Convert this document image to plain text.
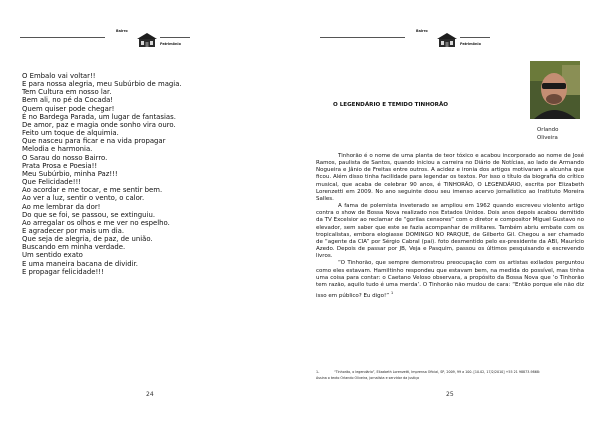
Bairro
Patrimônio
O Embalo vai voltar!!
E para nossa alegria, meu Subúrbio de magia.
Tem Cultura em nosso lar.
Bem ali, no pé da Cocada!
Quem quiser pode chegar!
É no Bardega Parada, um lugar de fantasias.
De amor, paz e magia onde sonho vira ouro.
Feito um toque de alquimia.
Que nasceu para ficar e na vida propagar
Melodia e harmonia.
O Sarau do nosso Bairro.
Prata Prosa e Poesia!!
Meu Subúrbio, minha Paz!!!
Que Felicidade!!!
Ao acordar e me tocar, e me sentir bem.
Ao ver a luz, sentir o vento, o calor.
Ao me lembrar da dor!
Do que se foi, se passou, se extinguiu.
Ao arregalar os olhos e me ver no espelho.
E agradecer por mais um dia.
Que seja de alegria, de paz, de união.
Buscando em minha verdade.
Um sentido exato
E uma maneira bacana de dividir.
E propagar felicidade!!!
24
Bairro
Patrimônio
O LEGENDÁRIO E TEMIDO TINHORÃO
Orlando
Oliveira

Tinhorão é o nome de uma planta de teor tóxico e acabou incorporado ao nome de José Ramos, paulista de Santos, quando iniciou a carreira no Diário de Notícias, ao lado de Armando Nogueira e Jânio de Freitas entre outros. A acidez e ironia dos artigos motivaram a alcunha que ficou. Além disso tinha facilidade para legendar os textos. Por isso o título da biografia do crítico musical, que acaba de celebrar 90 anos, é TINHORÃO, O LEGENDÁRIO, escrita por Elizabeth Lorenzetti em 2009. No ano seguinte doou seu imenso acervo jornalístico ao Instituto Moreira Salles.

A fama de polemista inveterado se ampliou em 1962 quando escreveu violento artigo contra o show de Bossa Nova realizado nos Estados Unidos. Dois anos depois acabou demitido da TV Excelsior ao reclamar de “gorilas censores” com o diretor e compositor Miguel Gustavo no elevador, sem saber que este se fazia acompanhar de militares. Também abriu embate com os tropicalistas, embora elogiasse DOMINGO NO PARQUE, de Gilberto Gil. Chegou a ser chamado de “agente da CIA” por Sérgio Cabral (pai). foto desmentido pelo ex-presidente da ABI, Maurício Azedo. Depois de passar por JB, Veja e Pasquim, passou os últimos pesquisando e escrevendo livros.

“O Tinhorão, que sempre demonstrou preocupação com os artistas exilados perguntou como eles estavam. Hamiltinho respondeu que estavam bem, na medida do possível, mas tinha uma coisa para contar: o Caetano Veloso observara, a propósito da Bossa Nova que ‘o Tinhorão tem razão, aquilo tudo é uma merda’. O Tinhorão não mudou de cara: “Então porque ele não diz isso em público? Eu digo!” $^1$

1-	“Tinhorão, o legendário”, Elizabeth Lorenzetti, Imprensa Oficial, SP, 2009, 99 a 100. [10.02, 17/2/2010] +55 21 98873-9868:
Assina o texto Orlando Oliveira, jornalista e servidor da justiça
25
